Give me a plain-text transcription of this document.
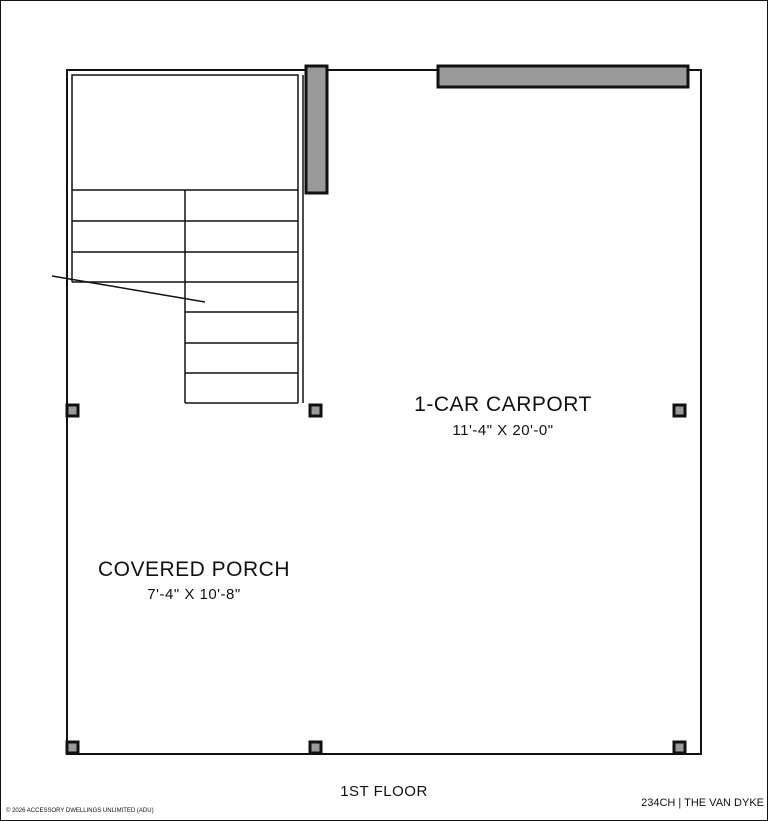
1-CAR CARPORT
11'-4" X 20'-0"
COVERED PORCH
7'-4" X 10'-8"
1ST FLOOR
234CH | THE VAN DYKE
© 2026 ACCESSORY DWELLINGS UNLIMITED (ADU)
